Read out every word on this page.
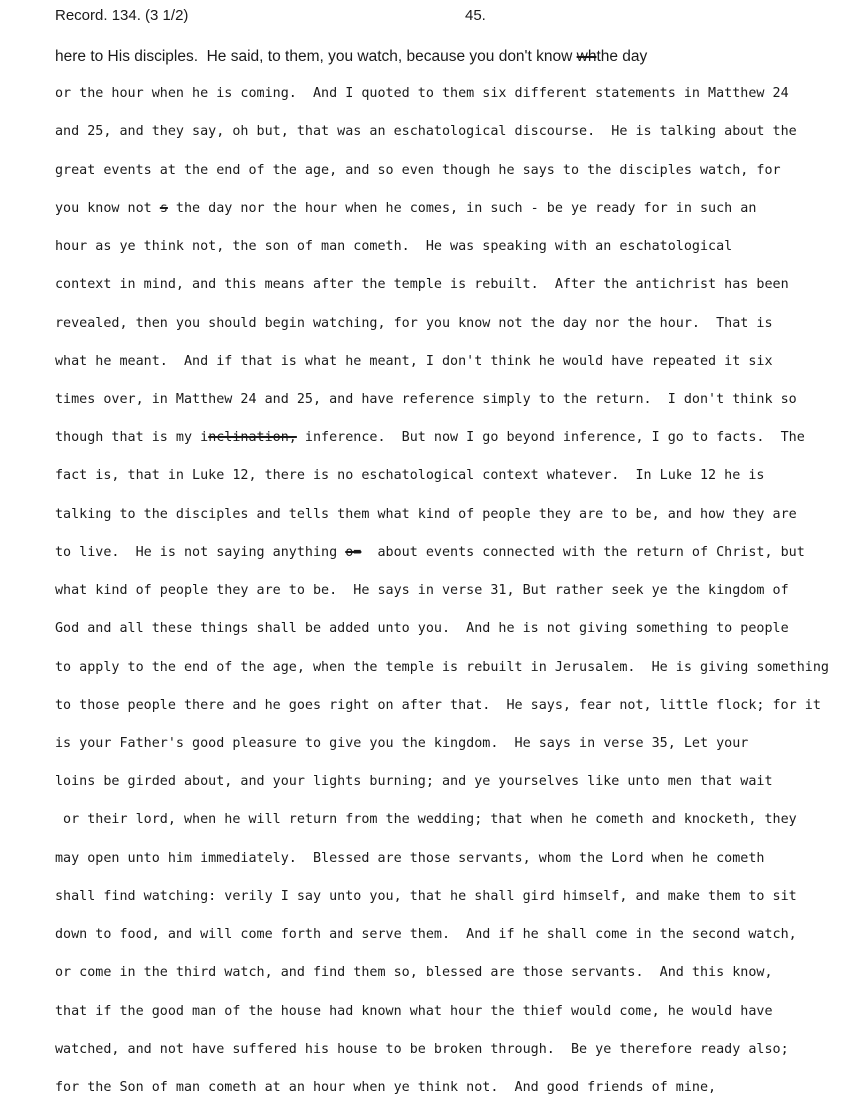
Record. 134. (3 1/2)	45.
here to His disciples.  He said, to them, you watch, because you don't know whthe day
or the hour when he is coming.  And I quoted to them six different statements in Matthew 24
and 25, and they say, oh but, that was an eschatological discourse.  He is talking about the
great events at the end of the age, and so even though he says to the disciples watch, for
you know not s the day nor the hour when he comes, in such - be ye ready for in such an
hour as ye think not, the son of man cometh.  He was speaking with an eschatological
context in mind, and this means after the temple is rebuilt.  After the antichrist has been
revealed, then you should begin watching, for you know not the day nor the hour.  That is
what he meant.  And if that is what he meant, I don't think he would have repeated it six
times over, in Matthew 24 and 25, and have reference simply to the return.  I don't think so
though that is my inclination, inference.  But now I go beyond inference, I go to facts.  The
fact is, that in Luke 12, there is no eschatological context whatever.  In Luke 12 he is
talking to the disciples and tells them what kind of people they are to be, and how they are
to live.  He is not saying anything o=  about events connected with the return of Christ, but
what kind of people they are to be.  He says in verse 31, But rather seek ye the kingdom of
God and all these things shall be added unto you.  And he is not giving something to people
to apply to the end of the age, when the temple is rebuilt in Jerusalem.  He is giving something
to those people there and he goes right on after that.  He says, fear not, little flock; for it
is your Father's good pleasure to give you the kingdom.  He says in verse 35, Let your
loins be girded about, and your lights burning; and ye yourselves like unto men that wait
or their lord, when he will return from the wedding; that when he cometh and knocketh, they
may open unto him immediately.  Blessed are those servants, whom the Lord when he cometh
shall find watching: verily I say unto you, that he shall gird himself, and make them to sit
down to food, and will come forth and serve them.  And if he shall come in the second watch,
or come in the third watch, and find them so, blessed are those servants.  And this know,
that if the good man of the house had known what hour the thief would come, he would have
watched, and not have suffered his house to be broken through.  Be ye therefore ready also;
for the Son of man cometh at an hour when ye think not.  And good friends of mine,
